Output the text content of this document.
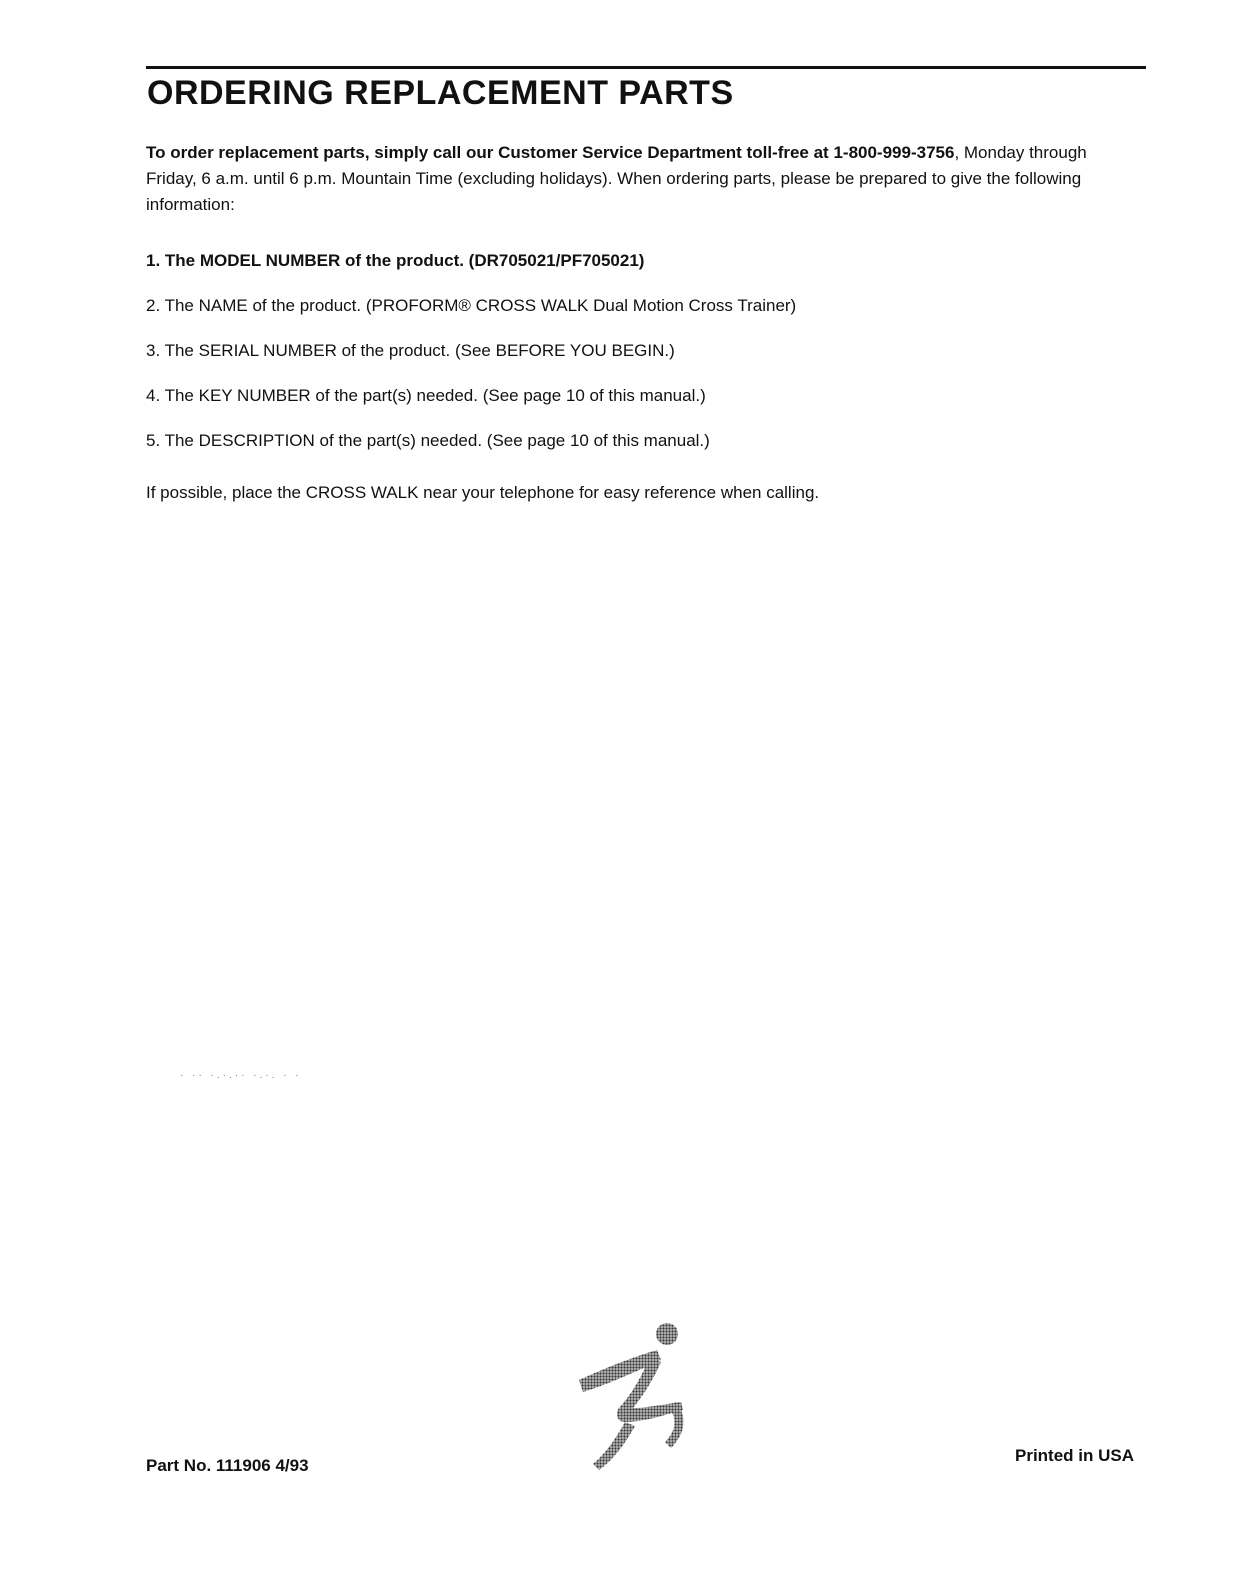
ORDERING REPLACEMENT PARTS

To order replacement parts, simply call our Customer Service Department toll-free at 1-800-999-3756, Monday through Friday, 6 a.m. until 6 p.m. Mountain Time (excluding holidays). When ordering parts, please be prepared to give the following information:

1. The MODEL NUMBER of the product. (DR705021/PF705021)
2. The NAME of the product. (PROFORM® CROSS WALK Dual Motion Cross Trainer)
3. The SERIAL NUMBER of the product. (See BEFORE YOU BEGIN.)
4. The KEY NUMBER of the part(s) needed. (See page 10 of this manual.)
5. The DESCRIPTION of the part(s) needed. (See page 10 of this manual.)

If possible, place the CROSS WALK near your telephone for easy reference when calling.

· ·· ·.·.·· ·.·. · ·
Part No. 111906 4/93
Printed in USA
